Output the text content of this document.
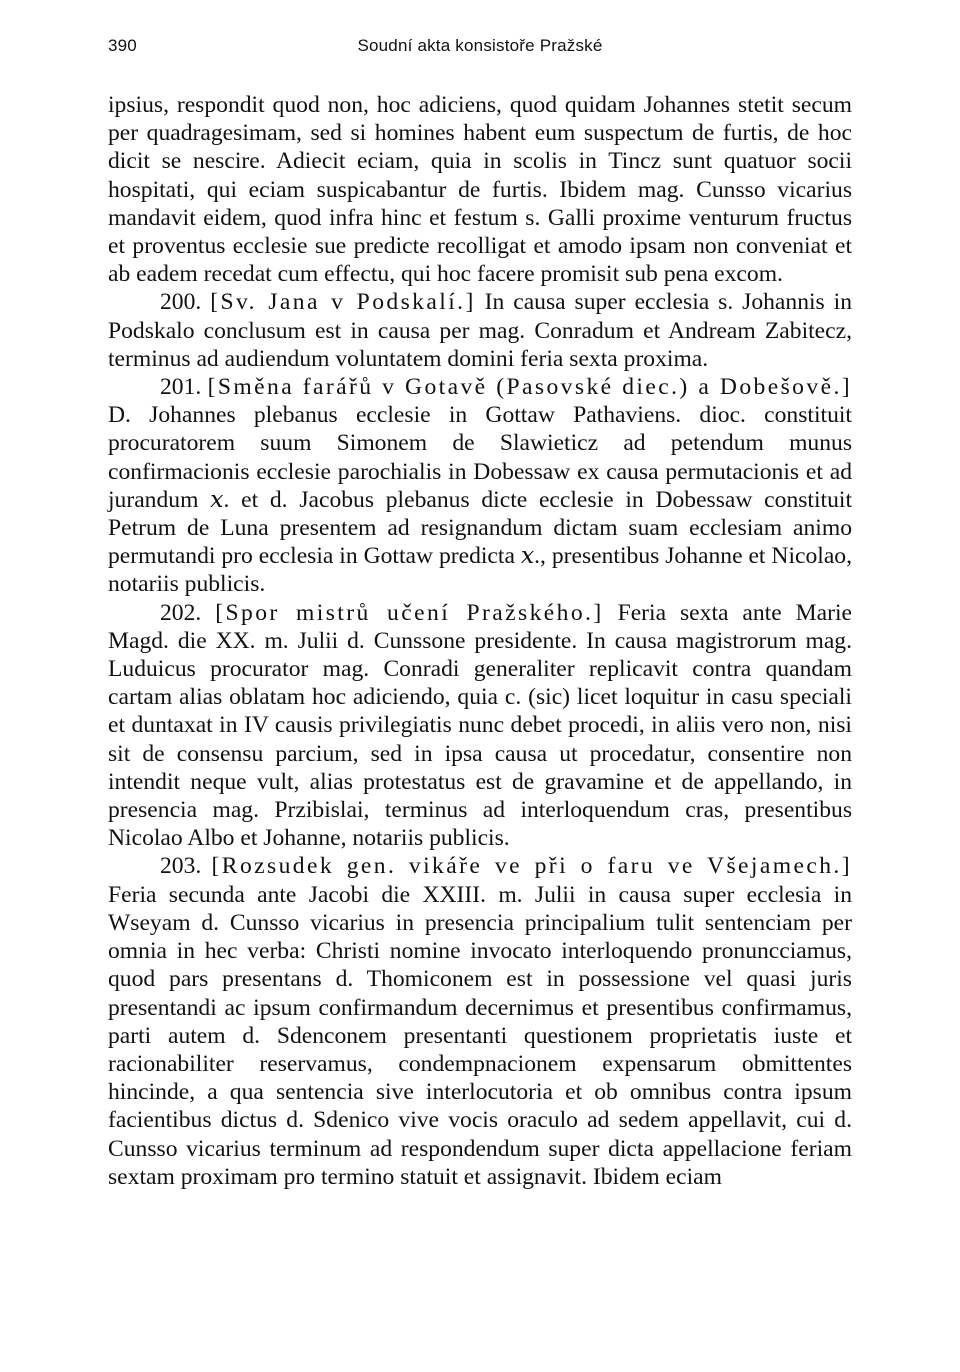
390	Soudní akta konsistoře Pražské

ipsius, respondit quod non, hoc adiciens, quod quidam Johannes stetit secum per quadragesimam, sed si homines habent eum suspectum de furtis, de hoc dicit se nescire. Adiecit eciam, quia in scolis in Tincz sunt quatuor socii hospitati, qui eciam suspicabantur de furtis. Ibidem mag. Cunsso vicarius mandavit eidem, quod infra hinc et festum s. Galli proxime venturum fructus et proventus ecclesie sue predicte recolligat et amodo ipsam non conveniat et ab eadem recedat cum effectu, qui hoc facere promisit sub pena excom.

200. [Sv. Jana v Podskalí.] In causa super ecclesia s. Johannis in Podskalo conclusum est in causa per mag. Conradum et Andream Zabitecz, terminus ad audiendum voluntatem domini feria sexta proxima.

201. [Směna farářů v Gotavě (Pasovské diec.) a Dobešově.] D. Johannes plebanus ecclesie in Gottaw Pathaviens. dioc. constituit procuratorem suum Simonem de Slawieticz ad petendum munus confirmacionis ecclesie parochialis in Dobessaw ex causa permutacionis et ad jurandum 𝑥. et d. Jacobus plebanus dicte ecclesie in Dobessaw constituit Petrum de Luna presentem ad resignandum dictam suam ecclesiam animo permutandi pro ecclesia in Gottaw predicta 𝑥., presentibus Johanne et Nicolao, notariis publicis.

202. [Spor mistrů učení Pražského.] Feria sexta ante Marie Magd. die XX. m. Julii d. Cunssone presidente. In causa magistrorum mag. Luduicus procurator mag. Conradi generaliter replicavit contra quandam cartam alias oblatam hoc adiciendo, quia c. (sic) licet loquitur in casu speciali et duntaxat in IV causis privilegiatis nunc debet procedi, in aliis vero non, nisi sit de consensu parcium, sed in ipsa causa ut procedatur, consentire non intendit neque vult, alias protestatus est de gravamine et de appellando, in presencia mag. Przibislai, terminus ad interloquendum cras, presentibus Nicolao Albo et Johanne, notariis publicis.

203. [Rozsudek gen. vikáře ve při o faru ve Všejamech.] Feria secunda ante Jacobi die XXIII. m. Julii in causa super ecclesia in Wseyam d. Cunsso vicarius in presencia principalium tulit sentenciam per omnia in hec verba: Christi nomine invocato interloquendo pronuncciamus, quod pars presentans d. Thomiconem est in possessione vel quasi juris presentandi ac ipsum confirmandum decernimus et presentibus confirmamus, parti autem d. Sdenconem presentanti questionem proprietatis iuste et racionabiliter reservamus, condempnacionem expensarum obmittentes hincinde, a qua sentencia sive interlocutoria et ob omnibus contra ipsum facientibus dictus d. Sdenico vive vocis oraculo ad sedem appellavit, cui d. Cunsso vicarius terminum ad respondendum super dicta appellacione feriam sextam proximam pro termino statuit et assignavit. Ibidem eciam
